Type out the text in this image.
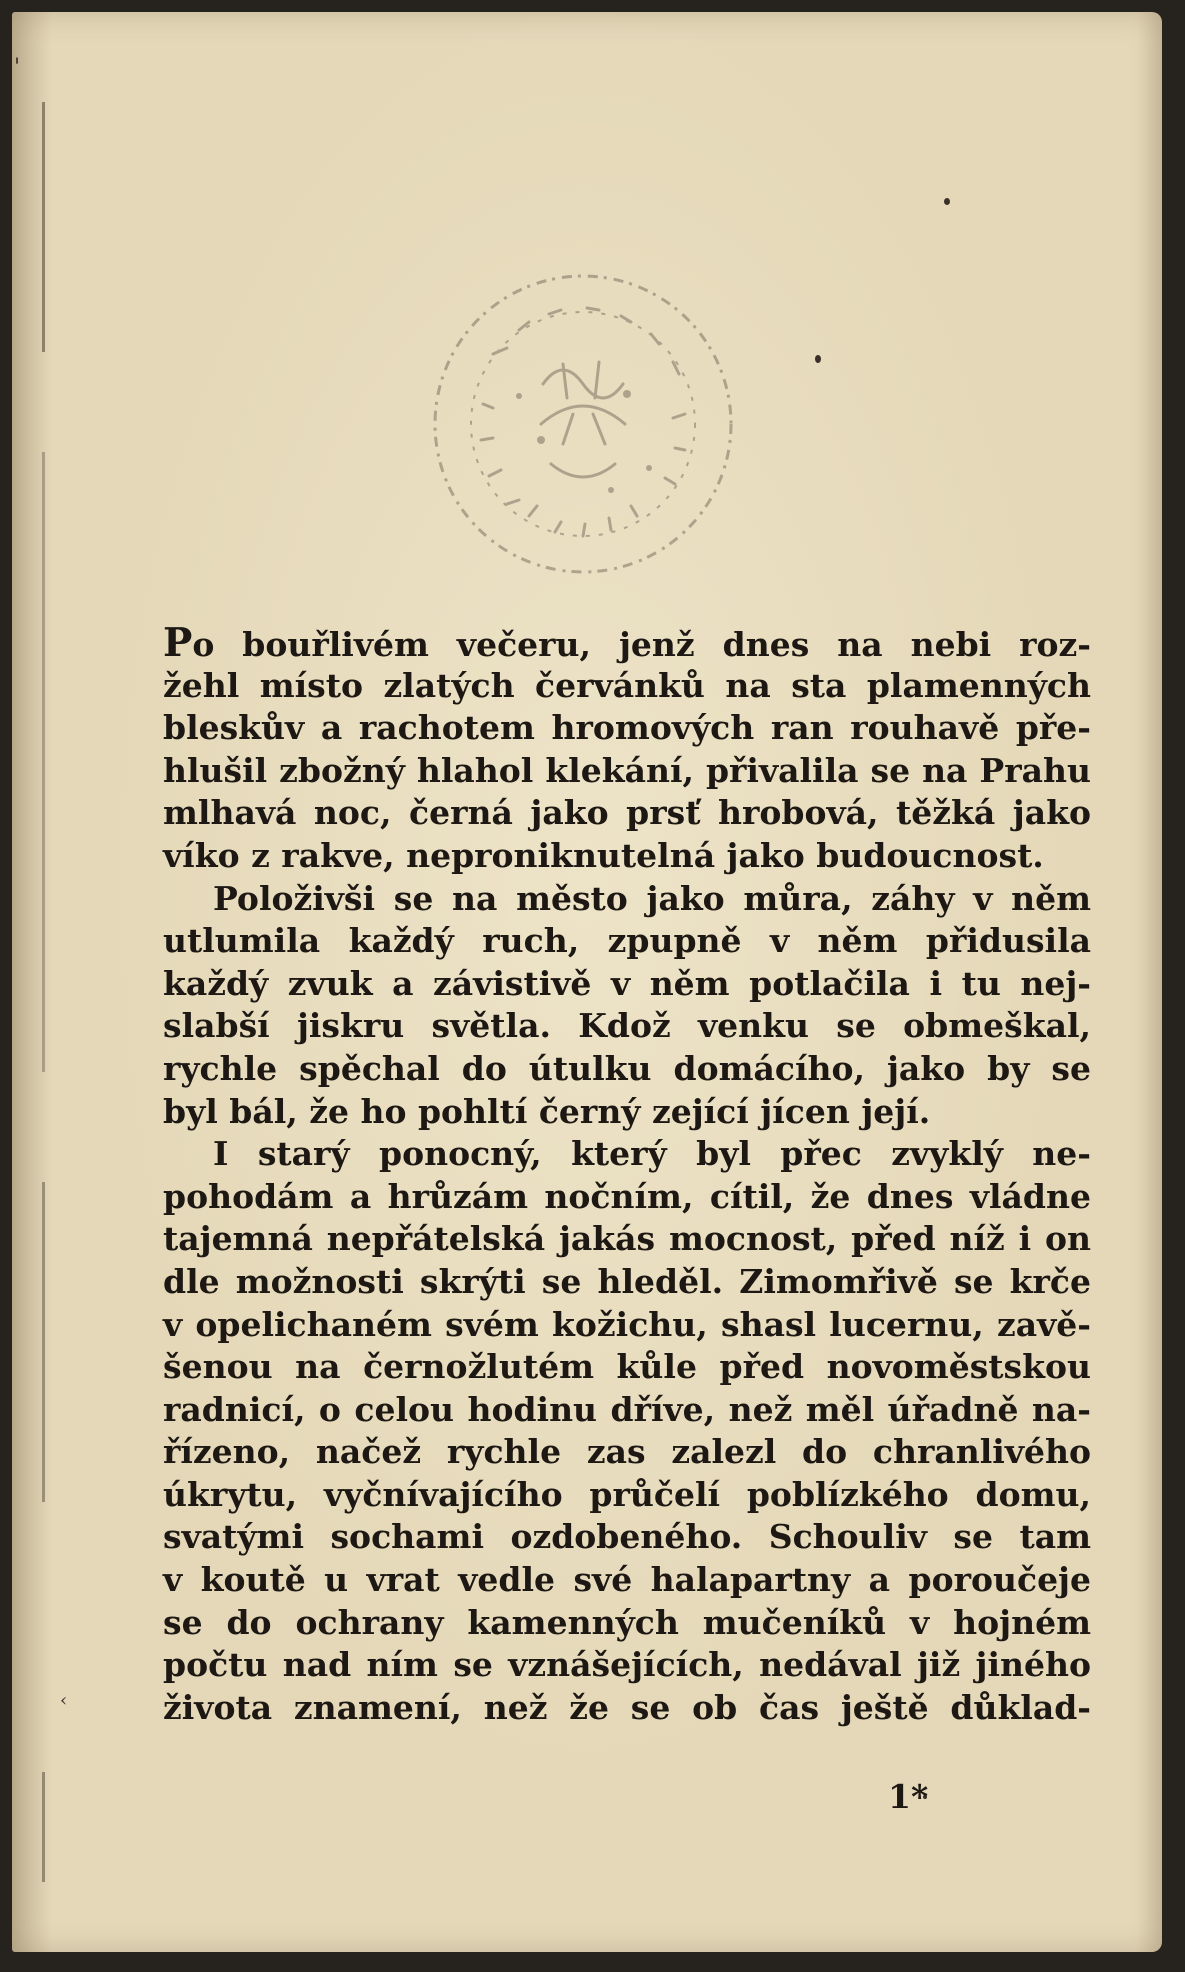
'
‹
Po bouřlivém večeru, jenž dnes na nebi roz-
žehl místo zlatých červánků na sta plamenných
bleskův a rachotem hromových ran rouhavě pře-
hlušil zbožný hlahol klekání, přivalila se na Prahu
mlhavá noc, černá jako prsť hrobová, těžká jako
víko z rakve, neproniknutelná jako budoucnost.
Položivši se na město jako můra, záhy v něm
utlumila každý ruch, zpupně v něm přidusila
každý zvuk a závistivě v něm potlačila i tu nej-
slabší jiskru světla. Kdož venku se obmeškal,
rychle spěchal do útulku domácího, jako by se
byl bál, že ho pohltí černý zející jícen její.
I starý ponocný, který byl přec zvyklý ne-
pohodám a hrůzám nočním, cítil, že dnes vládne
tajemná nepřátelská jakás mocnost, před níž i on
dle možnosti skrýti se hleděl. Zimomřivě se krče
v opelichaném svém kožichu, shasl lucernu, zavě-
šenou na černožlutém kůle před novoměstskou
radnicí, o celou hodinu dříve, než měl úřadně na-
řízeno, načež rychle zas zalezl do chranlivého
úkrytu, vyčnívajícího průčelí poblízkého domu,
svatými sochami ozdobeného. Schouliv se tam
v koutě u vrat vedle své halapartny a poroučeje
se do ochrany kamenných mučeníků v hojném
počtu nad ním se vznášejících, nedával již jiného
života znamení, než že se ob čas ještě důklad-
1*
